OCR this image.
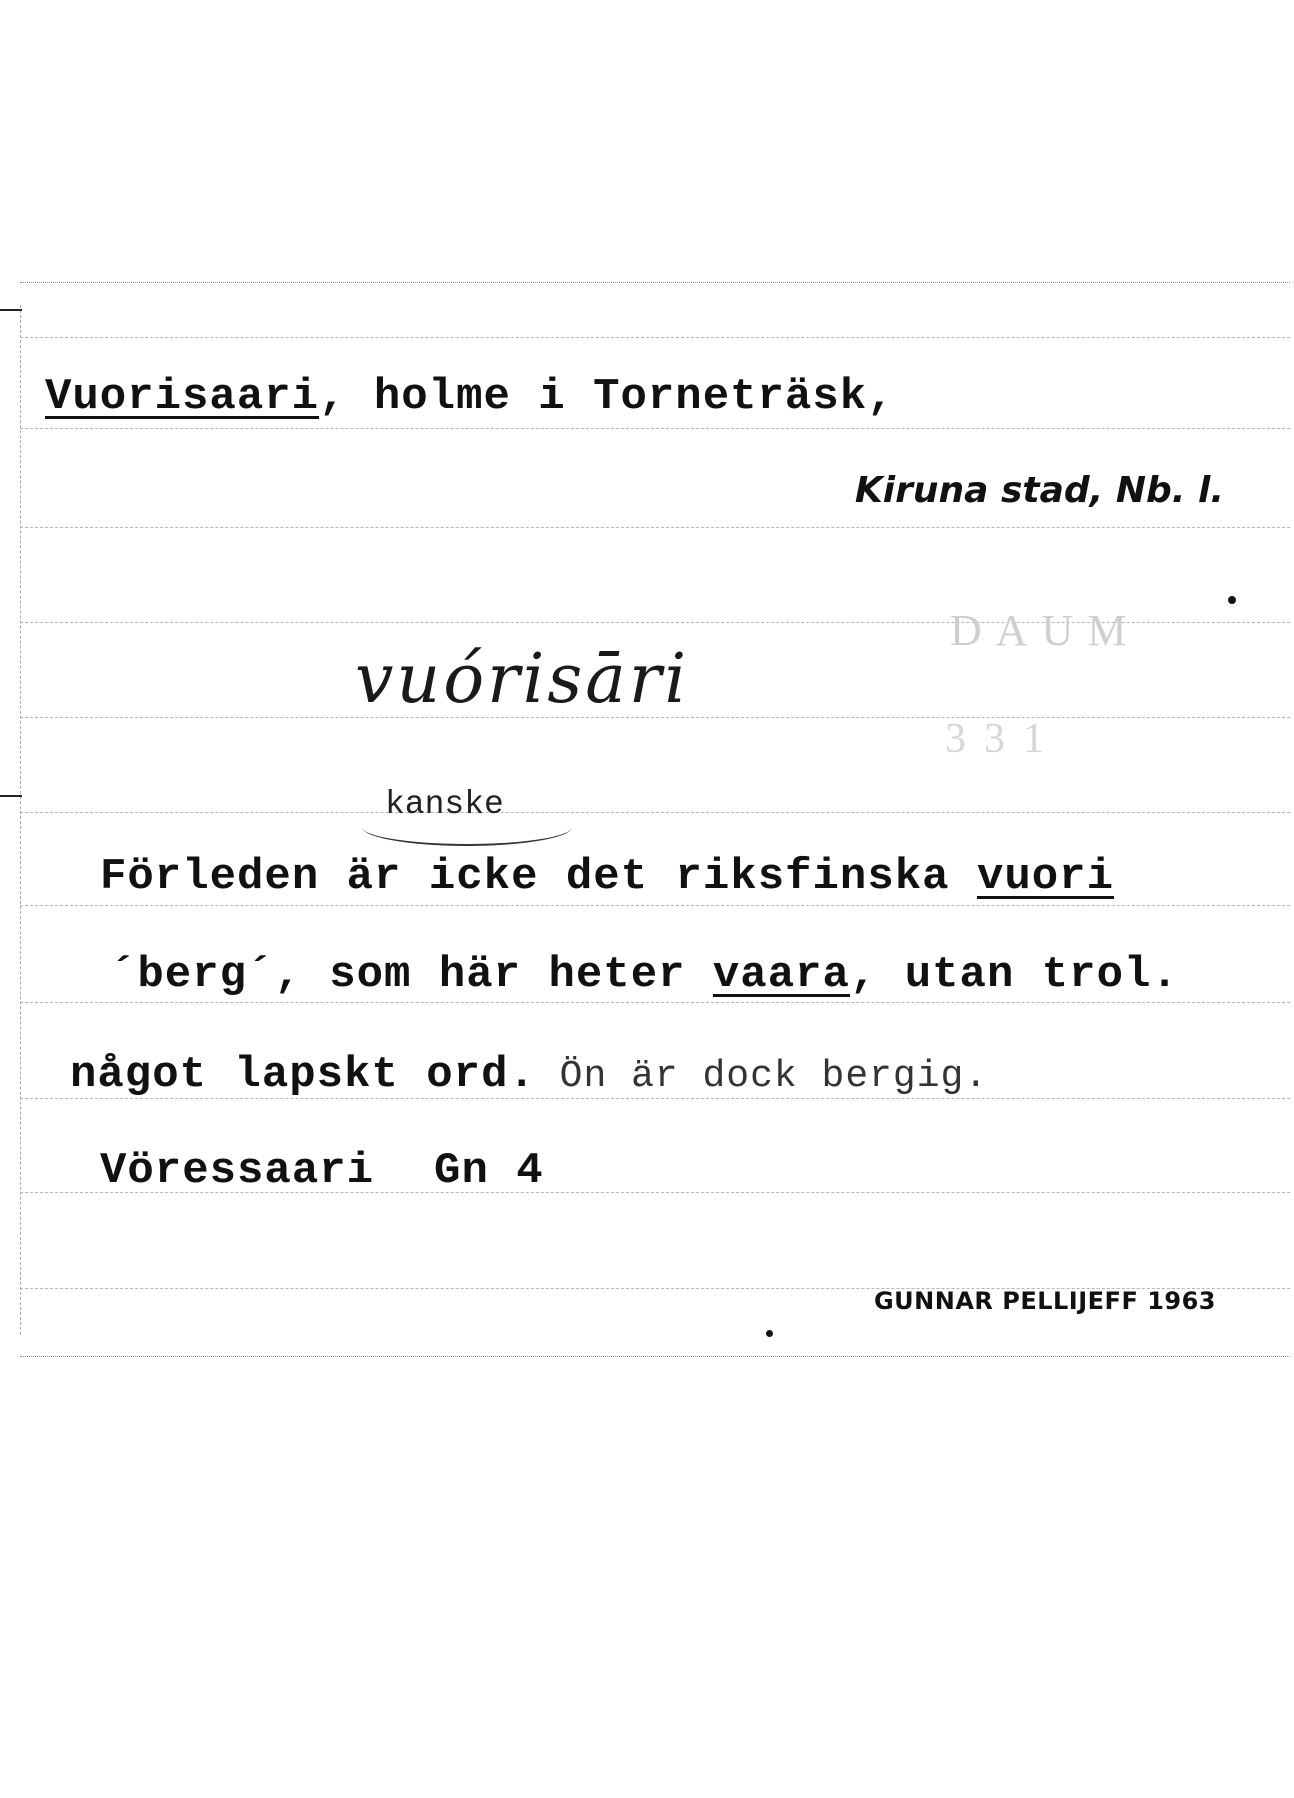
Vuorisaari, holme i Torneträsk,
Kiruna stad, Nb. l.
DAUM
331
vuórisāri
kanske
Förleden är icke det riksfinska vuori
´berg´, som här heter vaara, utan trol.
något lapskt ord. Ön är dock bergig.
Vöressaari Gn 4
GUNNAR PELLIJEFF 1963
